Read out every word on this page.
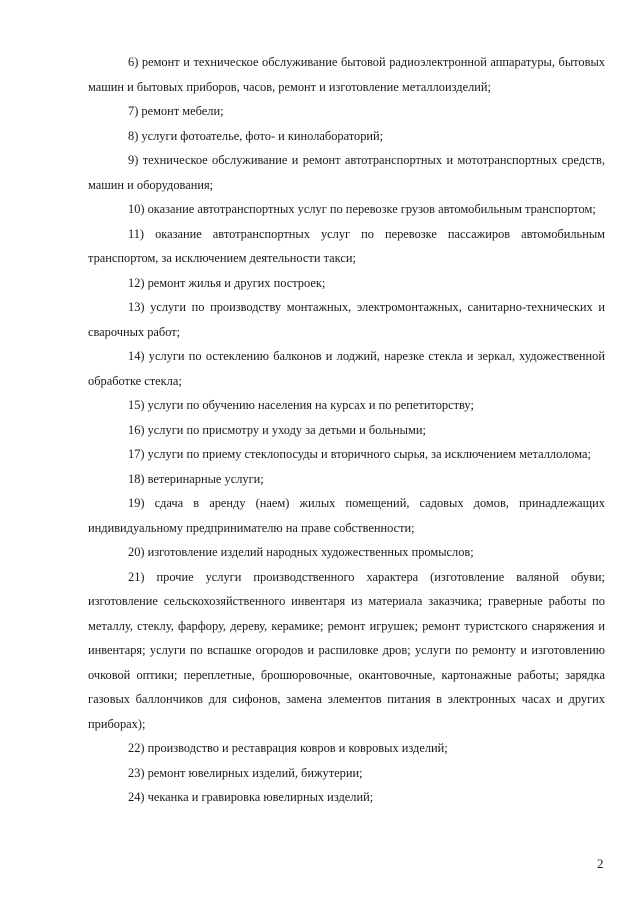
6) ремонт и техническое обслуживание бытовой радиоэлектронной аппаратуры, бытовых машин и бытовых приборов, часов, ремонт и изготовление металлоизделий;

7) ремонт мебели;

8) услуги фотоателье, фото- и кинолабораторий;

9) техническое обслуживание и ремонт автотранспортных и мототранспортных средств, машин и оборудования;

10) оказание автотранспортных услуг по перевозке грузов автомобильным транспортом;

11) оказание автотранспортных услуг по перевозке пассажиров автомобильным транспортом, за исключением деятельности такси;

12) ремонт жилья и других построек;

13) услуги по производству монтажных, электромонтажных, санитарно-технических и сварочных работ;

14) услуги по остеклению балконов и лоджий, нарезке стекла и зеркал, художественной обработке стекла;

15) услуги по обучению населения на курсах и по репетиторству;

16) услуги по присмотру и уходу за детьми и больными;

17) услуги по приему стеклопосуды и вторичного сырья, за исключением металлолома;

18) ветеринарные услуги;

19) сдача в аренду (наем) жилых помещений, садовых домов, принадлежащих индивидуальному предпринимателю на праве собственности;

20) изготовление изделий народных художественных промыслов;

21) прочие услуги производственного характера (изготовление валяной обуви; изготовление сельскохозяйственного инвентаря из материала заказчика; граверные работы по металлу, стеклу, фарфору, дереву, керамике; ремонт игрушек; ремонт туристского снаряжения и инвентаря; услуги по вспашке огородов и распиловке дров; услуги по ремонту и изготовлению очковой оптики; переплетные, брошюровочные, окантовочные, картонажные работы; зарядка газовых баллончиков для сифонов, замена элементов питания в электронных часах и других приборах);

22) производство и реставрация ковров и ковровых изделий;

23) ремонт ювелирных изделий, бижутерии;

24) чеканка и гравировка ювелирных изделий;

2
